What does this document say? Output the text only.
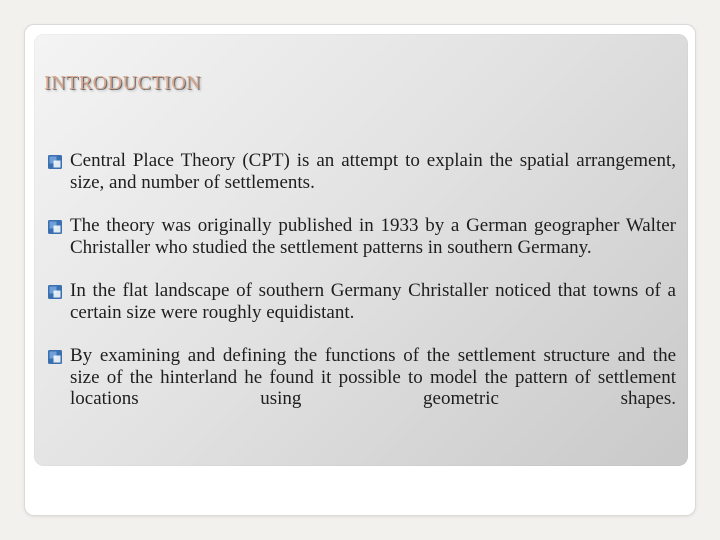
INTRODUCTION
Central Place Theory (CPT) is an attempt to explain the spatial arrangement, size, and number of settlements.
The theory was originally published in 1933 by a German geographer Walter Christaller who studied the settlement patterns in southern Germany.
In the flat landscape of southern Germany Christaller noticed that towns of a certain size were roughly equidistant.
By examining and defining the functions of the settlement structure and the size of the hinterland he found it possible to model the pattern of settlement locations using geometric shapes.
